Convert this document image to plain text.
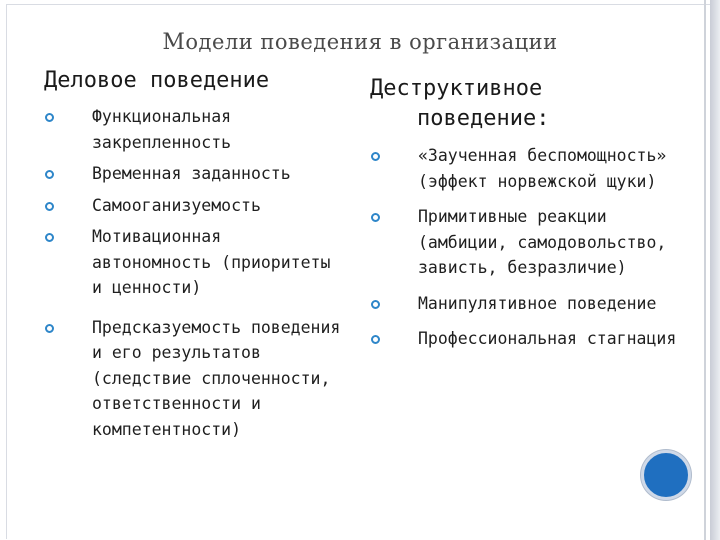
Модели поведения в организации
Деловое поведение	Деструктивное
поведение:
Функциональная закрепленность
Временная заданность
Самооганизуемость
Мотивационная автономность (приоритеты и ценности)
Предсказуемость поведения и его результатов (следствие сплоченности, ответственности и компетентности)
«Заученная беспомощность» (эффект норвежской щуки)
Примитивные реакции (амбиции, самодовольство, зависть, безразличие)
Манипулятивное поведение
Профессиональная стагнация
